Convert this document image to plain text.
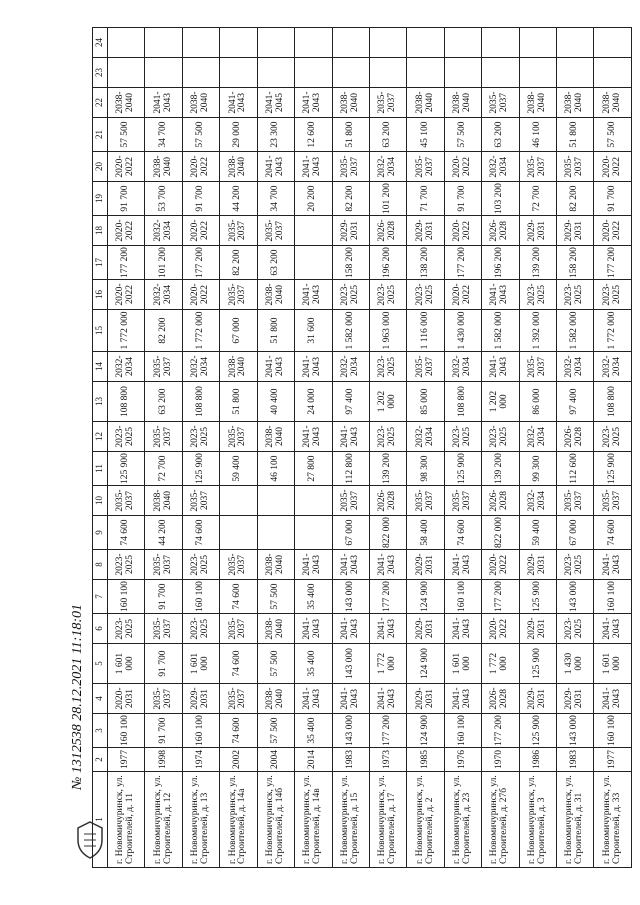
№ 1312538 28.12.2021 11:18:01
1	2	3	4	5	6	7	8	9	10	11	12	13	14	15	16	17	18	19	20	21	22	23	24
г. Новомичуринск, ул. Строителей, д. 11	1977	160 100	2020-2031	1 601 000	2023-2025	160 100	2023-2025	74 600	2035-2037	125 900	2023-2025	108 800	2032-2034	1 772 000	2020-2022	177 200	2020-2022	91 700	2020-2022	57 500	2038-2040		
г. Новомичуринск, ул. Строителей, д. 12	1998	91 700	2035-2037	91 700	2035-2037	91 700	2035-2037	44 200	2038-2040	72 700	2035-2037	63 200	2035-2037	82 200	2032-2034	101 200	2032-2034	53 700	2038-2040	34 700	2041-2043		
г. Новомичуринск, ул. Строителей, д. 13	1974	160 100	2029-2031	1 601 000	2023-2025	160 100	2023-2025	74 600	2035-2037	125 900	2023-2025	108 800	2032-2034	1 772 000	2020-2022	177 200	2020-2022	91 700	2020-2022	57 500	2038-2040		
г. Новомичуринск, ул. Строителей, д. 14а	2002	74 600	2035-2037	74 600	2035-2037	74 600	2035-2037			59 400	2035-2037	51 800	2038-2040	67 000	2035-2037	82 200	2035-2037	44 200	2038-2040	29 000	2041-2043		
г. Новомичуринск, ул. Строителей, д. 14б	2004	57 500	2038-2040	57 500	2038-2040	57 500	2038-2040			46 100	2038-2040	40 400	2041-2043	51 800	2038-2040	63 200	2035-2037	34 700	2041-2043	23 300	2041-2045		
г. Новомичуринск, ул. Строителей, д. 14в	2014	35 400	2041-2043	35 400	2041-2043	35 400	2041-2043			27 800	2041-2043	24 000	2041-2043	31 600	2041-2043			20 200	2041-2043	12 600	2041-2043		
г. Новомичуринск, ул. Строителей, д. 15	1983	143 000	2041-2043	143 000	2041-2043	143 000	2041-2043	67 000	2035-2037	112 800	2041-2043	97 400	2032-2034	1 582 000	2023-2025	158 200	2029-2031	82 200	2035-2037	51 800	2038-2040		
г. Новомичуринск, ул. Строителей, д. 17	1973	177 200	2041-2043	1 772 000	2041-2043	177 200	2041-2043	822 000	2026-2028	139 200	2023-2025	1 202 000	2023-2025	1 963 000	2023-2025	196 200	2026-2028	101 200	2032-2034	63 200	2035-2037		
г. Новомичуринск, ул. Строителей, д. 2	1985	124 900	2029-2031	124 900	2029-2031	124 900	2029-2031	58 400	2035-2037	98 300	2032-2034	85 000	2035-2037	1 116 000	2023-2025	138 200	2029-2031	71 700	2035-2037	45 100	2038-2040		
г. Новомичуринск, ул. Строителей, д. 23	1976	160 100	2041-2043	1 601 000	2041-2043	160 100	2041-2043	74 600	2035-2037	125 900	2023-2025	108 800	2032-2034	1 430 000	2020-2022	177 200	2020-2022	91 700	2020-2022	57 500	2038-2040		
г. Новомичуринск, ул. Строителей, д. 27б	1970	177 200	2026-2028	1 772 000	2020-2022	177 200	2020-2022	822 000	2026-2028	139 200	2023-2025	1 202 000	2041-2043	1 582 000	2041-2043	196 200	2026-2028	103 200	2032-2034	63 200	2035-2037		
г. Новомичуринск, ул. Строителей, д. 3	1986	125 900	2029-2031	125 900	2029-2031	125 900	2029-2031	59 400	2032-2034	99 300	2032-2034	86 000	2035-2037	1 392 000	2023-2025	139 200	2029-2031	72 700	2035-2037	46 100	2038-2040		
г. Новомичуринск, ул. Строителей, д. 31	1983	143 000	2029-2031	1 430 000	2023-2025	143 000	2023-2025	67 000	2035-2037	112 600	2026-2028	97 400	2032-2034	1 582 000	2023-2025	158 200	2029-2031	82 200	2035-2037	51 800	2038-2040		
г. Новомичуринск, ул. Строителей, д. 33	1977	160 100	2041-2043	1 601 000	2041-2043	160 100	2041-2043	74 600	2035-2037	125 900	2023-2025	108 800	2032-2034	1 772 000	2023-2025	177 200	2020-2022	91 700	2020-2022	57 500	2038-2040		
